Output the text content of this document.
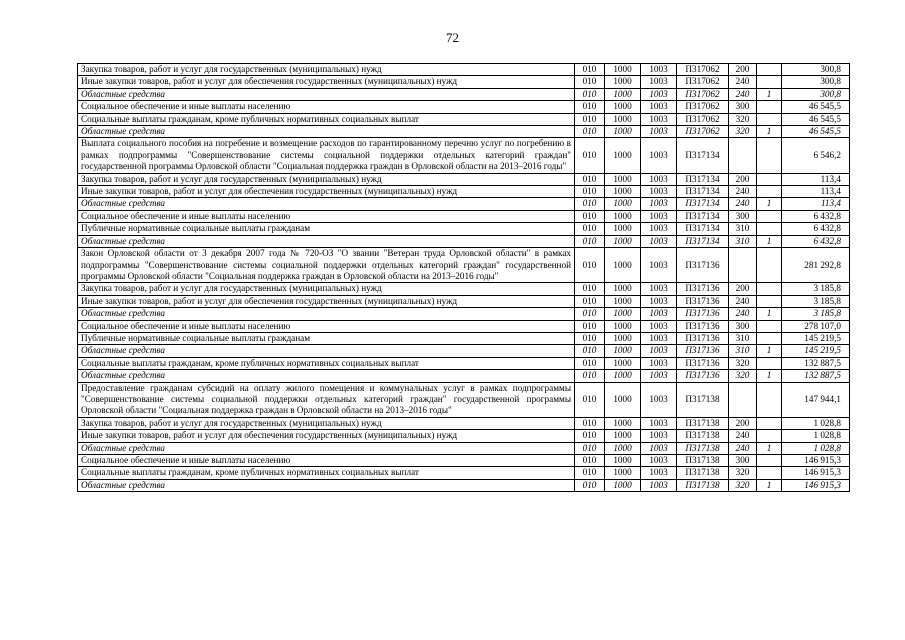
72
Закупка товаров, работ и услуг для государственных (муниципальных) нужд	010	1000	1003	П317062	200		300,8
Иные закупки товаров, работ и услуг для обеспечения государственных (муниципальных) нужд	010	1000	1003	П317062	240		300,8
Областные средства	010	1000	1003	П317062	240	1	300,8
Социальное обеспечение и иные выплаты населению	010	1000	1003	П317062	300		46 545,5
Социальные выплаты гражданам, кроме публичных нормативных социальных выплат	010	1000	1003	П317062	320		46 545,5
Областные средства	010	1000	1003	П317062	320	1	46 545,5
Выплата социального пособия на погребение и возмещение расходов по гарантированному перечню услуг по погребению в рамках подпрограммы "Совершенствование системы социальной поддержки отдельных категорий граждан" государственной программы Орловской области "Социальная поддержка граждан в Орловской области на 2013–2016 годы"	010	1000	1003	П317134			6 546,2
Закупка товаров, работ и услуг для государственных (муниципальных) нужд	010	1000	1003	П317134	200		113,4
Иные закупки товаров, работ и услуг для обеспечения государственных (муниципальных) нужд	010	1000	1003	П317134	240		113,4
Областные средства	010	1000	1003	П317134	240	1	113,4
Социальное обеспечение и иные выплаты населению	010	1000	1003	П317134	300		6 432,8
Публичные нормативные социальные выплаты гражданам	010	1000	1003	П317134	310		6 432,8
Областные средства	010	1000	1003	П317134	310	1	6 432,8
Закон Орловской области от 3 декабря 2007 года № 720-ОЗ "О звании "Ветеран труда Орловской области" в рамках подпрограммы "Совершенствование системы социальной поддержки отдельных категорий граждан" государственной программы Орловской области "Социальная поддержка граждан в Орловской области на 2013–2016 годы"	010	1000	1003	П317136			281 292,8
Закупка товаров, работ и услуг для государственных (муниципальных) нужд	010	1000	1003	П317136	200		3 185,8
Иные закупки товаров, работ и услуг для обеспечения государственных (муниципальных) нужд	010	1000	1003	П317136	240		3 185,8
Областные средства	010	1000	1003	П317136	240	1	3 185,8
Социальное обеспечение и иные выплаты населению	010	1000	1003	П317136	300		278 107,0
Публичные нормативные социальные выплаты гражданам	010	1000	1003	П317136	310		145 219,5
Областные средства	010	1000	1003	П317136	310	1	145 219,5
Социальные выплаты гражданам, кроме публичных нормативных социальных выплат	010	1000	1003	П317136	320		132 887,5
Областные средства	010	1000	1003	П317136	320	1	132 887,5
Предоставление гражданам субсидий на оплату жилого помещения и коммунальных услуг в рамках подпрограммы "Совершенствование системы социальной поддержки отдельных категорий граждан" государственной программы Орловской области "Социальная поддержка граждан в Орловской области на 2013–2016 годы"	010	1000	1003	П317138			147 944,1
Закупка товаров, работ и услуг для государственных (муниципальных) нужд	010	1000	1003	П317138	200		1 028,8
Иные закупки товаров, работ и услуг для обеспечения государственных (муниципальных) нужд	010	1000	1003	П317138	240		1 028,8
Областные средства	010	1000	1003	П317138	240	1	1 028,8
Социальное обеспечение и иные выплаты населению	010	1000	1003	П317138	300		146 915,3
Социальные выплаты гражданам, кроме публичных нормативных социальных выплат	010	1000	1003	П317138	320		146 915,3
Областные средства	010	1000	1003	П317138	320	1	146 915,3
